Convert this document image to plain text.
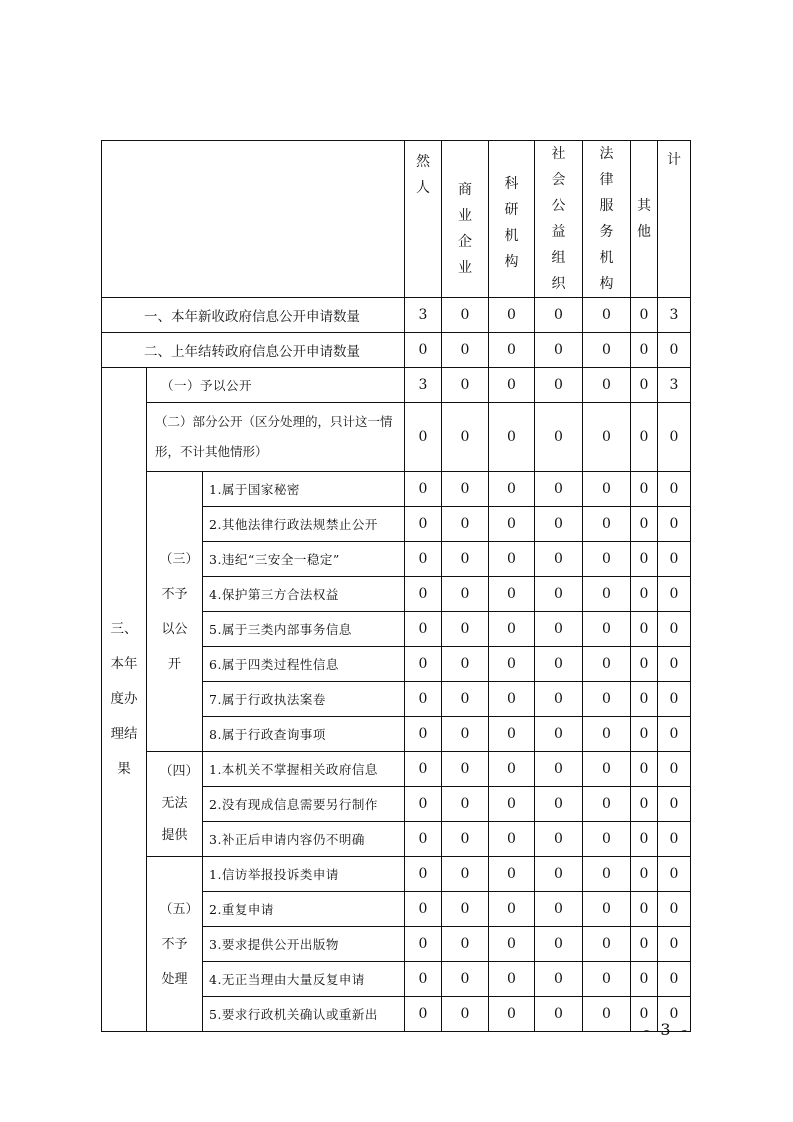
			然人	商业企业	科研机构	社会公益组织	法律服务机构	其他	计
一、本年新收政府信息公开申请数量			3	0	0	0	0	0	3
二、上年结转政府信息公开申请数量			0	0	0	0	0	0	0
三、本年度办理结果	（一）予以公开		3	0	0	0	0	0	3
	（二）部分公开（区分处理的，只计这一情形，不计其他情形）		0	0	0	0	0	0	0
	（三）不予以公开	1.属于国家秘密	0	0	0	0	0	0	0
		2.其他法律行政法规禁止公开	0	0	0	0	0	0	0
		3.违纪“三安全一稳定”	0	0	0	0	0	0	0
		4.保护第三方合法权益	0	0	0	0	0	0	0
		5.属于三类内部事务信息	0	0	0	0	0	0	0
		6.属于四类过程性信息	0	0	0	0	0	0	0
		7.属于行政执法案卷	0	0	0	0	0	0	0
		8.属于行政查询事项	0	0	0	0	0	0	0
	（四）无法提供	1.本机关不掌握相关政府信息	0	0	0	0	0	0	0
		2.没有现成信息需要另行制作	0	0	0	0	0	0	0
		3.补正后申请内容仍不明确	0	0	0	0	0	0	0
	（五）不予处理	1.信访举报投诉类申请	0	0	0	0	0	0	0
		2.重复申请	0	0	0	0	0	0	0
		3.要求提供公开出版物	0	0	0	0	0	0	0
		4.无正当理由大量反复申请	0	0	0	0	0	0	0
		5.要求行政机关确认或重新出	0	0	0	0	0	0	0
- 3 -
